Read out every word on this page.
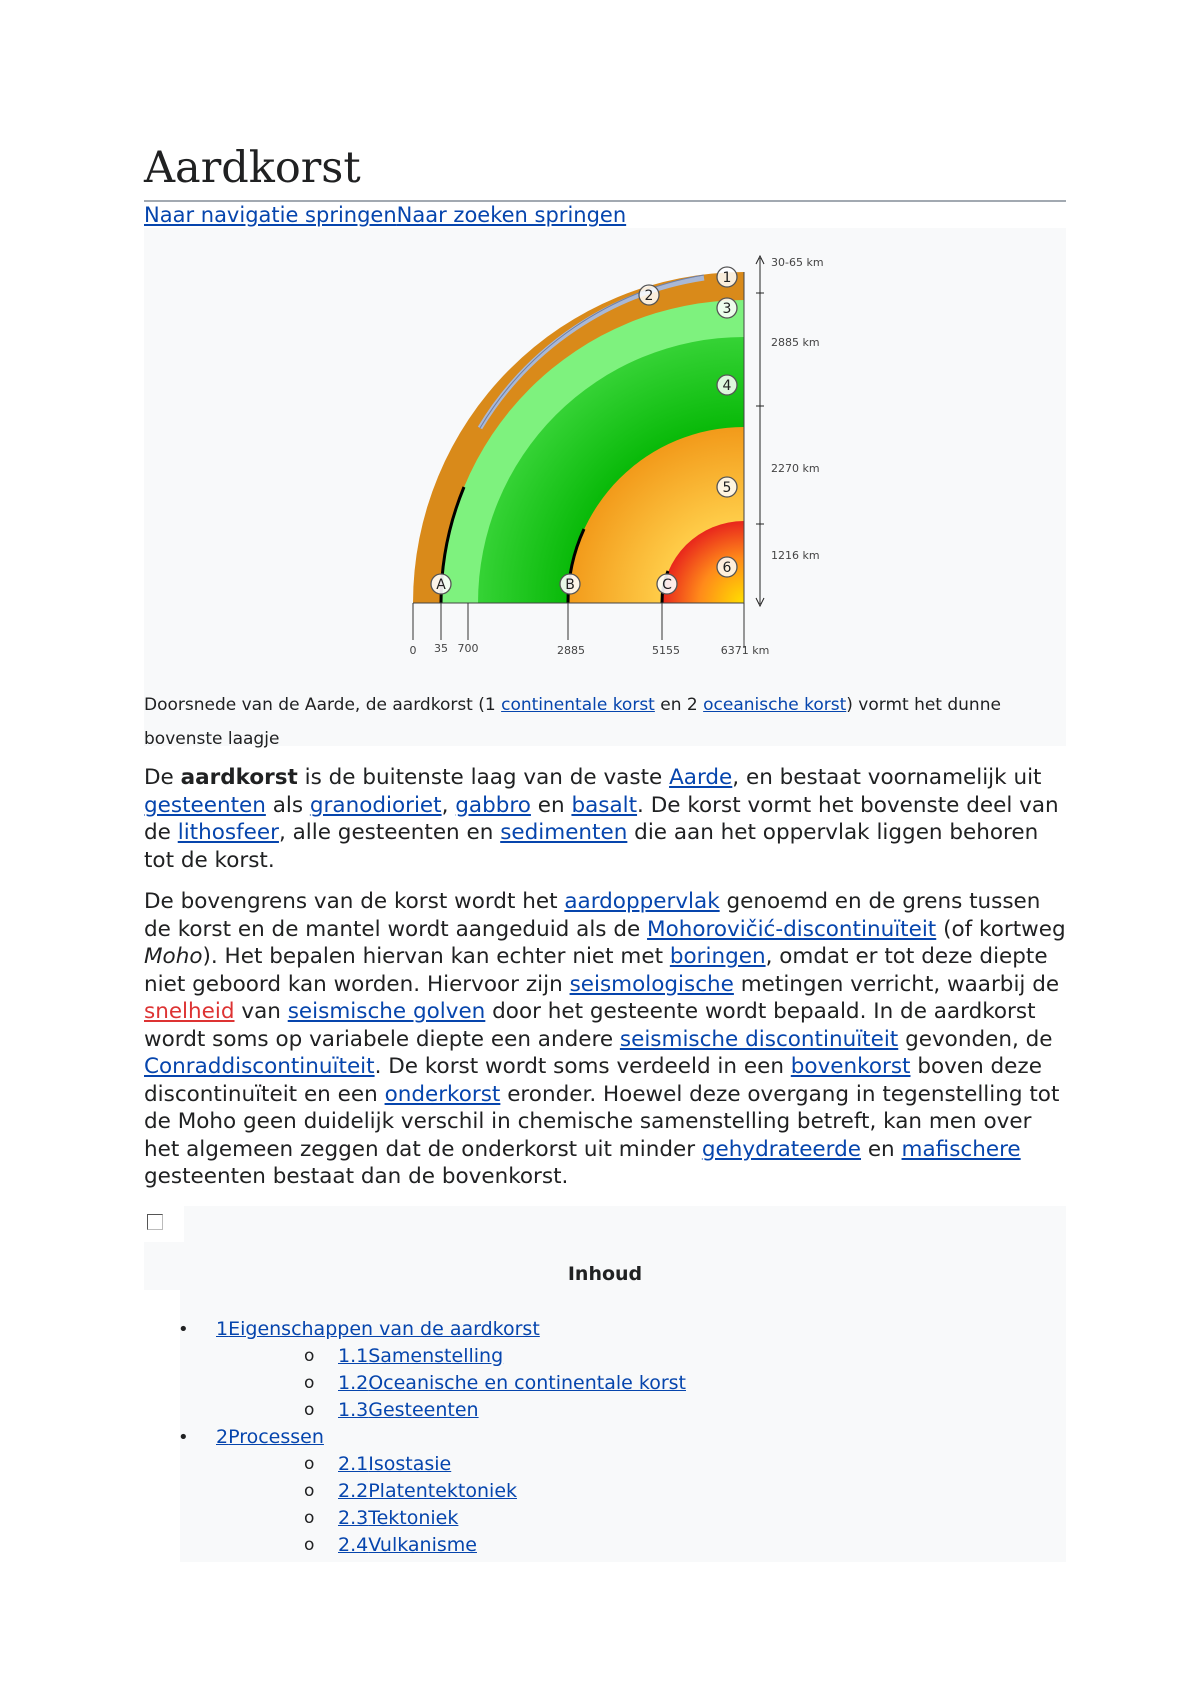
Aardkorst
Naar navigatie springenNaar zoeken springen
30-65 km
2885 km
2270 km
1216 km
0 35 700	2885	5155	6371 km
1
2
3
4
5
6
A	B	C
Doorsnede van de Aarde, de aardkorst (1 continentale korst en 2 oceanische korst) vormt het dunne bovenste laagje

De aardkorst is de buitenste laag van de vaste Aarde, en bestaat voornamelijk uit gesteenten als granodioriet, gabbro en basalt. De korst vormt het bovenste deel van de lithosfeer, alle gesteenten en sedimenten die aan het oppervlak liggen behoren tot de korst.

De bovengrens van de korst wordt het aardoppervlak genoemd en de grens tussen de korst en de mantel wordt aangeduid als de Mohorovičić-discontinuïteit (of kortweg Moho). Het bepalen hiervan kan echter niet met boringen, omdat er tot deze diepte niet geboord kan worden. Hiervoor zijn seismologische metingen verricht, waarbij de snelheid van seismische golven door het gesteente wordt bepaald. In de aardkorst wordt soms op variabele diepte een andere seismische discontinuïteit gevonden, de Conraddiscontinuïteit. De korst wordt soms verdeeld in een bovenkorst boven deze discontinuïteit en een onderkorst eronder. Hoewel deze overgang in tegenstelling tot de Moho geen duidelijk verschil in chemische samenstelling betreft, kan men over het algemeen zeggen dat de onderkorst uit minder gehydrateerde en mafischere gesteenten bestaat dan de bovenkorst.

Inhoud
• 1Eigenschappen van de aardkorst
o 1.1Samenstelling
o 1.2Oceanische en continentale korst
o 1.3Gesteenten
• 2Processen
o 2.1Isostasie
o 2.2Platentektoniek
o 2.3Tektoniek
o 2.4Vulkanisme
